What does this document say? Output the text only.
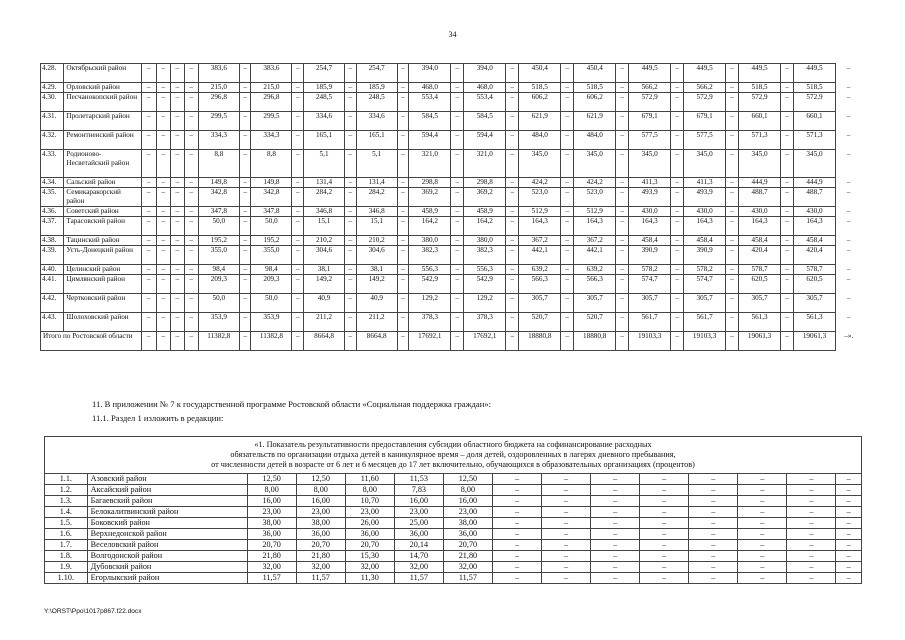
34
4.28.	Октябрьский район	–	–	–	–	383,6	–	383,6	–	254,7	–	254,7	–	394,0	–	394,0	–	450,4	–	450,4	–	449,5	–	449,5	–	449,5	–	449,5	–
4.29.	Орловский район	–	–	–	–	215,0	–	215,0	–	185,9	–	185,9	–	468,0	–	468,0	–	518,5	–	518,5	–	566,2	–	566,2	–	518,5	–	518,5	–
4.30.	Песчанокопский район	–	–	–	–	296,8	–	296,8	–	248,5	–	248,5	–	553,4	–	553,4	–	606,2	–	606,2	–	572,9	–	572,9	–	572,9	–	572,9	–
4.31.	Пролетарский район	–	–	–	–	299,5	–	299,5	–	334,6	–	334,6	–	584,5	–	584,5	–	621,9	–	621,9	–	679,1	–	679,1	–	660,1	–	660,1	–
4.32.	Ремонтненский район	–	–	–	–	334,3	–	334,3	–	165,1	–	165,1	–	594,4	–	594,4	–	484,0	–	484,0	–	577,5	–	577,5	–	571,3	–	571,3	–
4.33.	Родионово-Несветайский район	–	–	–	–	8,8	–	8,8	–	5,1	–	5,1	–	321,0	–	321,0	–	345,0	–	345,0	–	345,0	–	345,0	–	345,0	–	345,0	–
4.34.	Сальский район	–	–	–	–	149,8	–	149,8	–	131,4	–	131,4	–	298,8	–	298,8	–	424,2	–	424,2	–	411,3	–	411,3	–	444,9	–	444,9	–
4.35.	Семикаракорский район	–	–	–	–	342,8	–	342,8	–	284,2	–	284,2	–	369,2	–	369,2	–	523,0	–	523,0	–	493,9	–	493,9	–	488,7	–	488,7	–
4.36.	Советский район	–	–	–	–	347,8	–	347,8	–	346,8	–	346,8	–	458,9	–	458,9	–	512,9	–	512,9	–	430,0	–	430,0	–	430,0	–	430,0	–
4.37.	Тарасовский район	–	–	–	–	50,0	–	50,0	–	15,1	–	15,1	–	164,2	–	164,2	–	164,3	–	164,3	–	164,3	–	164,3	–	164,3	–	164,3	–
4.38.	Тацинский район	–	–	–	–	195,2	–	195,2	–	210,2	–	210,2	–	380,0	–	380,0	–	367,2	–	367,2	–	458,4	–	458,4	–	458,4	–	458,4	–
4.39.	Усть-Донецкий район	–	–	–	–	355,0	–	355,0	–	304,6	–	304,6	–	382,3	–	382,3	–	442,1	–	442,1	–	390,9	–	390,9	–	420,4	–	420,4	–
4.40.	Целинский район	–	–	–	–	98,4	–	98,4	–	38,1	–	38,1	–	556,3	–	556,3	–	639,2	–	639,2	–	578,2	–	578,2	–	578,7	–	578,7	–
4.41.	Цимлянский район	–	–	–	–	209,3	–	209,3	–	149,2	–	149,2	–	542,9	–	542,9	–	566,3	–	566,3	–	574,7	–	574,7	–	620,5	–	620,5	–
4.42.	Чертковский район	–	–	–	–	50,0	–	50,0	–	40,9	–	40,9	–	129,2	–	129,2	–	305,7	–	305,7	–	305,7	–	305,7	–	305,7	–	305,7	–
4.43.	Шолоховский район	–	–	–	–	353,9	–	353,9	–	211,2	–	211,2	–	378,3	–	378,3	–	520,7	–	520,7	–	561,7	–	561,7	–	561,3	–	561,3	–
Итого по Ростовской области		–	–	–	–	11382,8	–	11382,8	–	8664,8	–	8664,8	–	17692,1	–	17692,1	–	18880,8	–	18880,8	–	19103,3	–	19103,3	–	19061,3	–	19061,3	–».
11. В приложении № 7 к государственной программе Ростовской области «Социальная поддержка граждан»:
11.1. Раздел 1 изложить в редакции:
«1. Показатель результативности предоставления субсидии областного бюджета на софинансирование расходных
обязательств по организации отдыха детей в каникулярное время – доля детей, оздоровленных в лагерях дневного пребывания,
от численности детей в возрасте от 6 лет и 6 месяцев до 17 лет включительно, обучающихся в образовательных организациях (процентов)														

1.1.	Азовский район	12,50	12,50	11,60	11,53	12,50	–	–	–	–	–	–	–	–
1.2.	Аксайский район	8,00	8,00	8,00	7,83	8,00	–	–	–	–	–	–	–	–
1.3.	Багаевский район	16,00	16,00	10,70	16,00	16,00	–	–	–	–	–	–	–	–
1.4.	Белокалитвинский район	23,00	23,00	23,00	23,00	23,00	–	–	–	–	–	–	–	–
1.5.	Боковский район	38,00	38,00	26,00	25,00	38,00	–	–	–	–	–	–	–	–
1.6.	Верхнедонской район	36,00	36,00	36,00	36,00	36,00	–	–	–	–	–	–	–	–
1.7.	Веселовский район	20,70	20,70	20,70	20,14	20,70	–	–	–	–	–	–	–	–
1.8.	Волгодонской район	21,80	21,80	15,30	14,70	21,80	–	–	–	–	–	–	–	–
1.9.	Дубовский район	32,00	32,00	32,00	32,00	32,00	–	–	–	–	–	–	–	–
1.10.	Егорлыкский район	11,57	11,57	11,30	11,57	11,57	–	–	–	–	–	–	–	–
Y:\ORST\Ppo\1017p867.f22.docx
